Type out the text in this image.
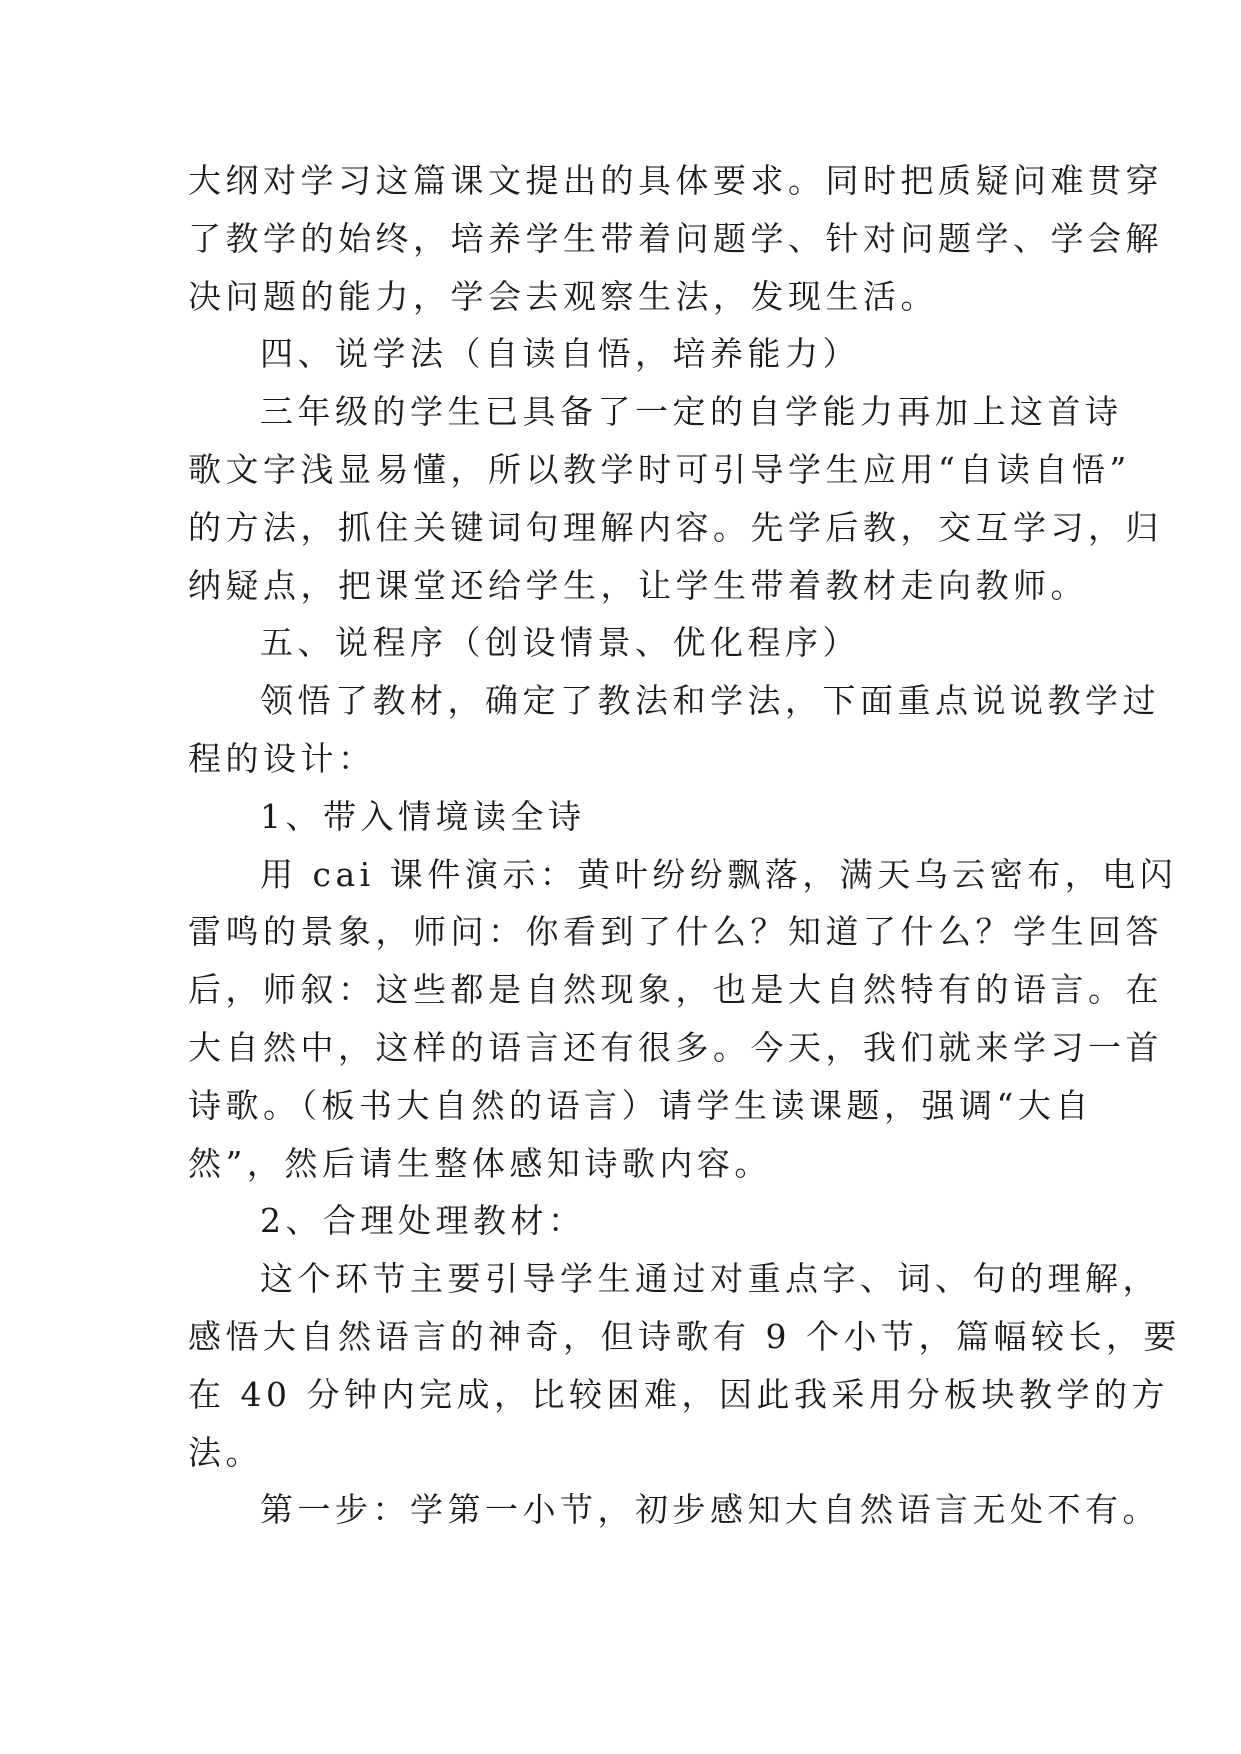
大纲对学习这篇课文提出的具体要求。同时把质疑问难贯穿
了教学的始终，培养学生带着问题学、针对问题学、学会解
决问题的能力，学会去观察生法，发现生活。
四、说学法（自读自悟，培养能力）
三年级的学生已具备了一定的自学能力再加上这首诗
歌文字浅显易懂，所以教学时可引导学生应用“自读自悟”
的方法，抓住关键词句理解内容。先学后教，交互学习，归
纳疑点，把课堂还给学生，让学生带着教材走向教师。
五、说程序（创设情景、优化程序）
领悟了教材，确定了教法和学法，下面重点说说教学过
程的设计：
1、带入情境读全诗
用 cai 课件演示：黄叶纷纷飘落，满天乌云密布，电闪
雷鸣的景象，师问：你看到了什么？知道了什么？学生回答
后，师叙：这些都是自然现象，也是大自然特有的语言。在
大自然中，这样的语言还有很多。今天，我们就来学习一首
诗歌。（板书大自然的语言）请学生读课题，强调“大自
然”，然后请生整体感知诗歌内容。
2、合理处理教材：
这个环节主要引导学生通过对重点字、词、句的理解，
感悟大自然语言的神奇，但诗歌有 9 个小节，篇幅较长，要
在 40 分钟内完成，比较困难，因此我采用分板块教学的方
法。
第一步：学第一小节，初步感知大自然语言无处不有。
